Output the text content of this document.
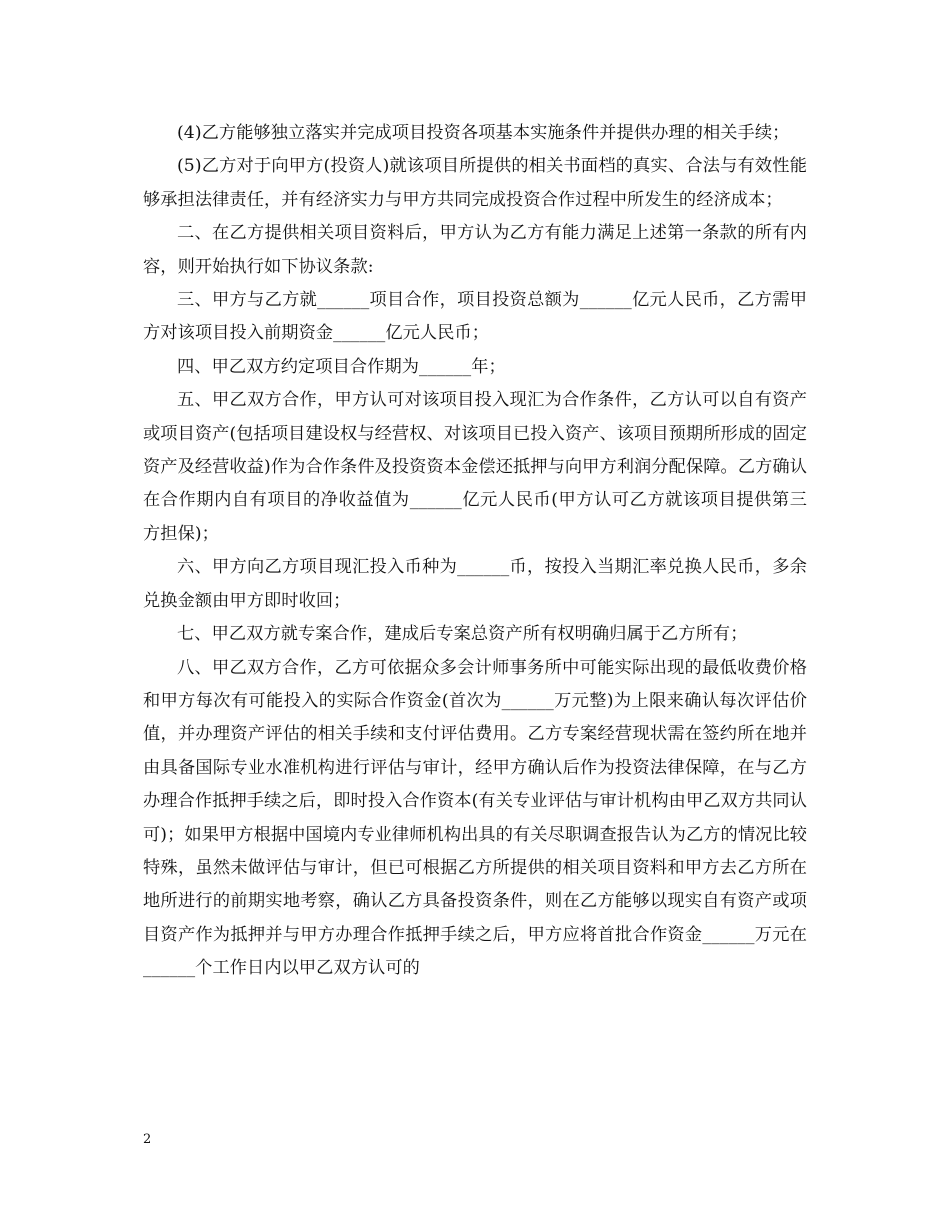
(4)乙方能够独立落实并完成项目投资各项基本实施条件并提供办理的相关手续；

(5)乙方对于向甲方(投资人)就该项目所提供的相关书面档的真实、合法与有效性能够承担法律责任，并有经济实力与甲方共同完成投资合作过程中所发生的经济成本；

二、在乙方提供相关项目资料后，甲方认为乙方有能力满足上述第一条款的所有内容，则开始执行如下协议条款:

三、甲方与乙方就______项目合作，项目投资总额为______亿元人民币，乙方需甲方对该项目投入前期资金______亿元人民币；

四、甲乙双方约定项目合作期为______年；

五、甲乙双方合作，甲方认可对该项目投入现汇为合作条件，乙方认可以自有资产或项目资产(包括项目建设权与经营权、对该项目已投入资产、该项目预期所形成的固定资产及经营收益)作为合作条件及投资资本金偿还抵押与向甲方利润分配保障。乙方确认在合作期内自有项目的净收益值为______亿元人民币(甲方认可乙方就该项目提供第三方担保)；

六、甲方向乙方项目现汇投入币种为______币，按投入当期汇率兑换人民币，多余兑换金额由甲方即时收回；

七、甲乙双方就专案合作，建成后专案总资产所有权明确归属于乙方所有；

八、甲乙双方合作，乙方可依据众多会计师事务所中可能实际出现的最低收费价格和甲方每次有可能投入的实际合作资金(首次为______万元整)为上限来确认每次评估价值，并办理资产评估的相关手续和支付评估费用。乙方专案经营现状需在签约所在地并由具备国际专业水准机构进行评估与审计，经甲方确认后作为投资法律保障，在与乙方办理合作抵押手续之后，即时投入合作资本(有关专业评估与审计机构由甲乙双方共同认可)；如果甲方根据中国境内专业律师机构出具的有关尽职调查报告认为乙方的情况比较特殊，虽然未做评估与审计，但已可根据乙方所提供的相关项目资料和甲方去乙方所在地所进行的前期实地考察，确认乙方具备投资条件，则在乙方能够以现实自有资产或项目资产作为抵押并与甲方办理合作抵押手续之后，甲方应将首批合作资金______万元在______个工作日内以甲乙双方认可的

2
